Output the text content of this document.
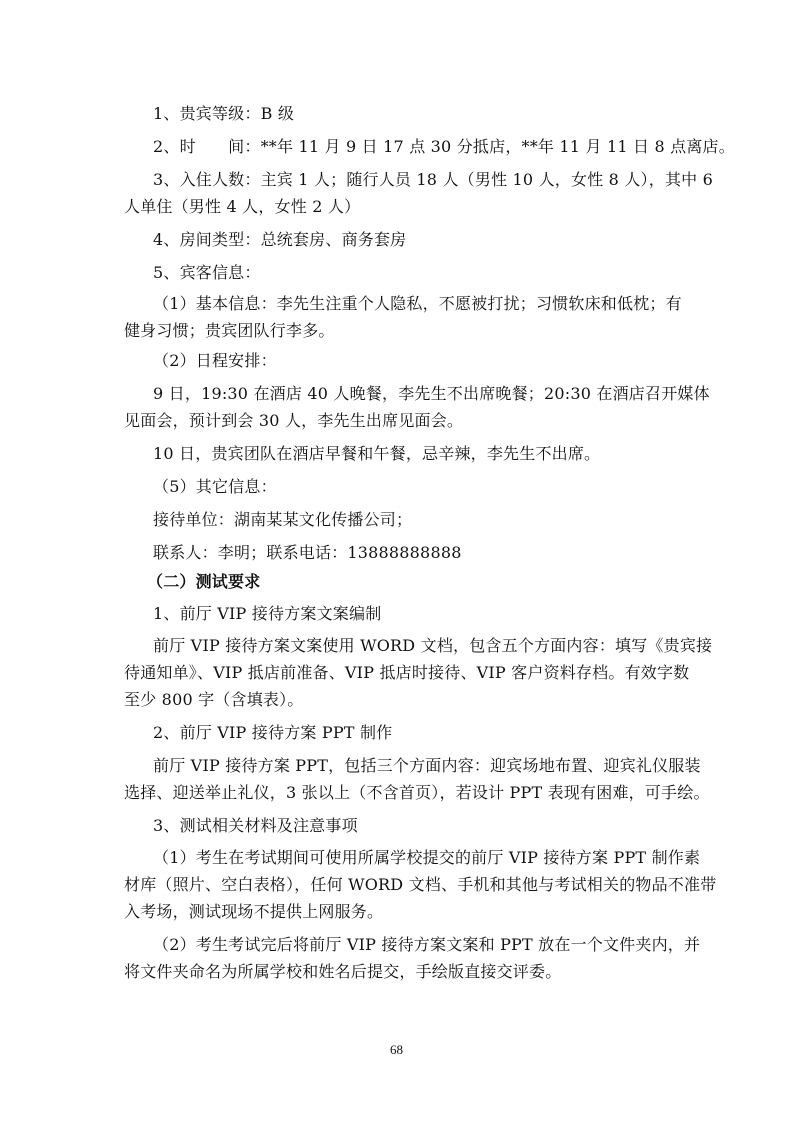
1、贵宾等级：B 级
2、时　　间：**年 11 月 9 日 17 点 30 分抵店，**年 11 月 11 日 8 点离店。
3、入住人数：主宾 1 人；随行人员 18 人（男性 10 人，女性 8 人），其中 6
人单住（男性 4 人，女性 2 人）
4、房间类型：总统套房、商务套房
5、宾客信息：
（1）基本信息：李先生注重个人隐私，不愿被打扰；习惯软床和低枕；有
健身习惯；贵宾团队行李多。
（2）日程安排：
9 日，19:30 在酒店 40 人晚餐，李先生不出席晚餐；20:30 在酒店召开媒体
见面会，预计到会 30 人，李先生出席见面会。
10 日，贵宾团队在酒店早餐和午餐，忌辛辣，李先生不出席。
（5）其它信息：
接待单位：湖南某某文化传播公司；
联系人：李明；联系电话：13888888888
（二）测试要求
1、前厅 VIP 接待方案文案编制
前厅 VIP 接待方案文案使用 WORD 文档，包含五个方面内容：填写《贵宾接
待通知单》、VIP 抵店前准备、VIP 抵店时接待、VIP 客户资料存档。有效字数
至少 800 字（含填表）。
2、前厅 VIP 接待方案 PPT 制作
前厅 VIP 接待方案 PPT，包括三个方面内容：迎宾场地布置、迎宾礼仪服装
选择、迎送举止礼仪，3 张以上（不含首页），若设计 PPT 表现有困难，可手绘。
3、测试相关材料及注意事项
（1）考生在考试期间可使用所属学校提交的前厅 VIP 接待方案 PPT 制作素
材库（照片、空白表格），任何 WORD 文档、手机和其他与考试相关的物品不准带
入考场，测试现场不提供上网服务。
（2）考生考试完后将前厅 VIP 接待方案文案和 PPT 放在一个文件夹内，并
将文件夹命名为所属学校和姓名后提交，手绘版直接交评委。
68
